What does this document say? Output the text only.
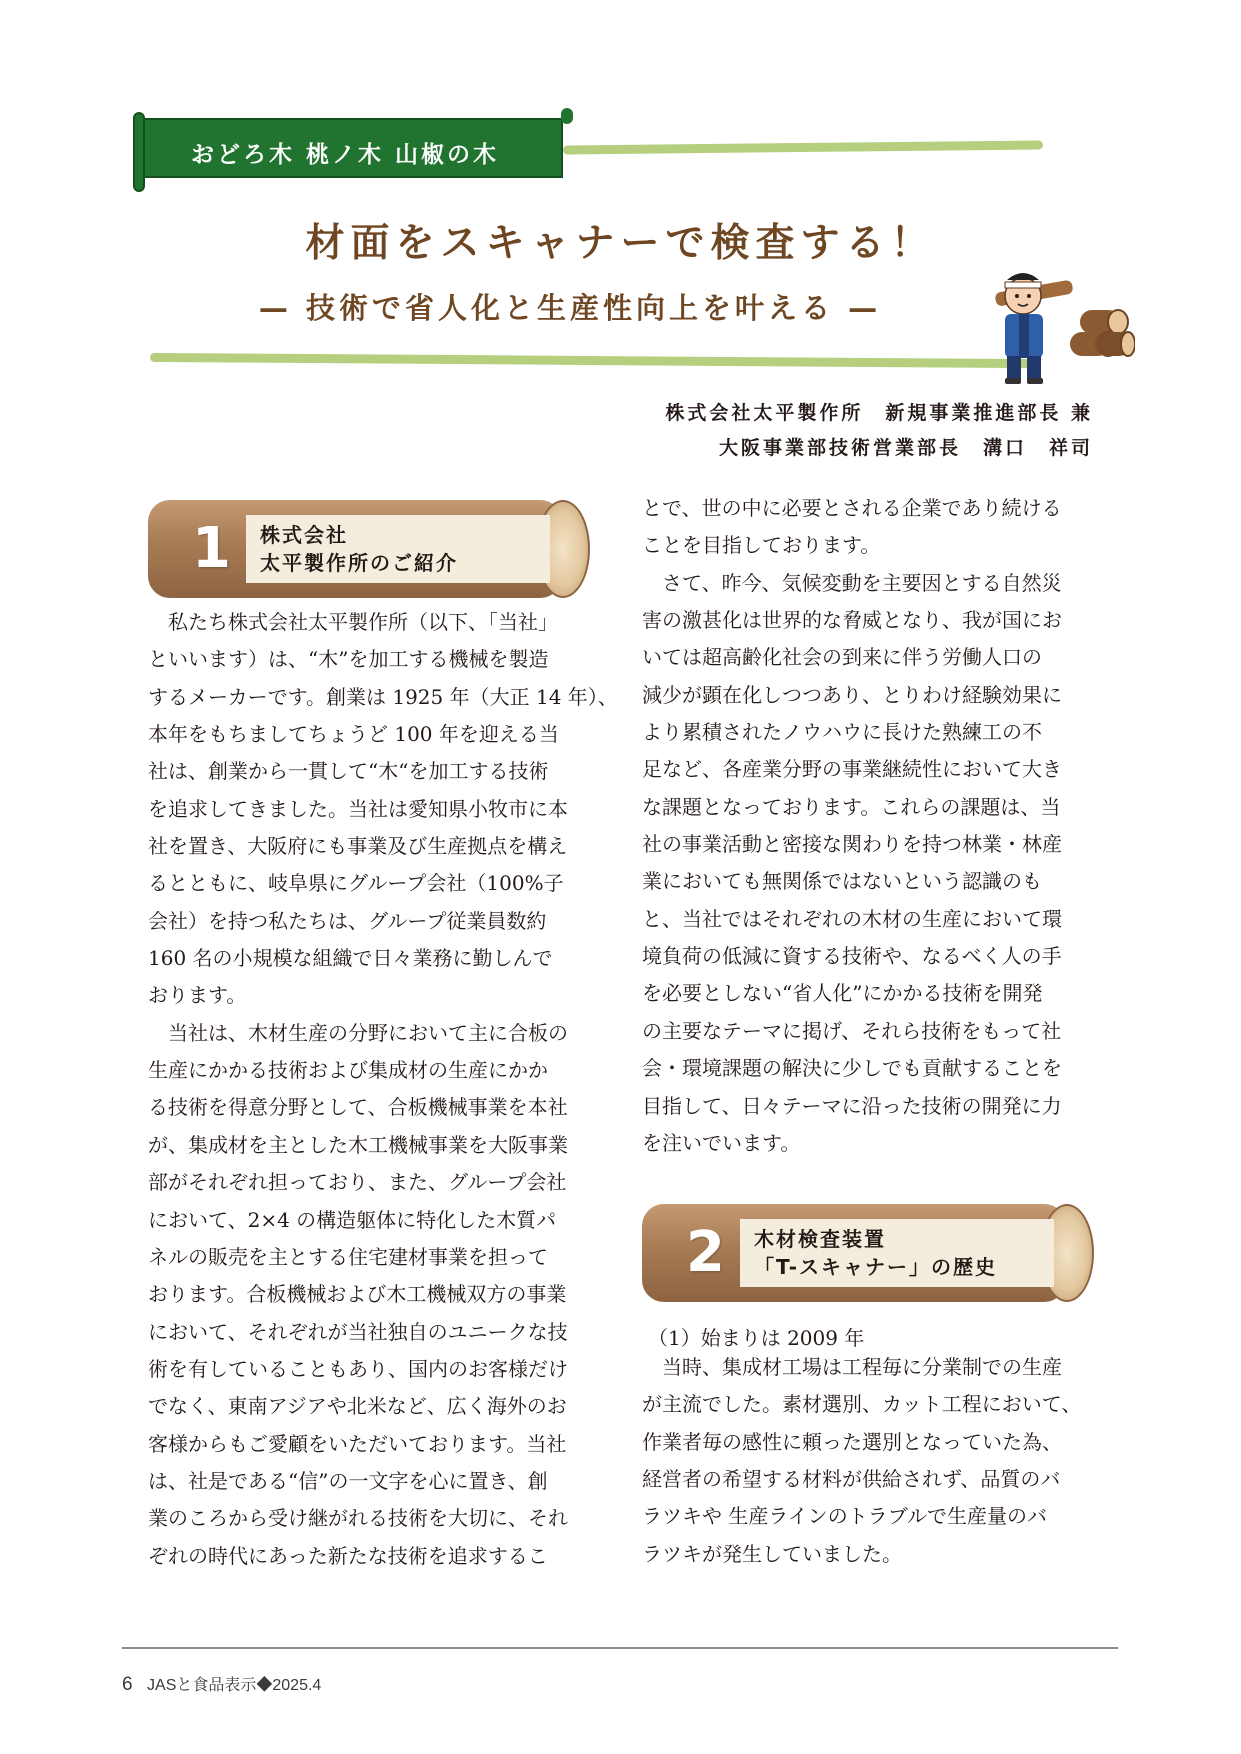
おどろ木 桃ノ木 山椒の木
材面をスキャナーで検査する！
— 技術で省人化と生産性向上を叶える —
株式会社太平製作所　新規事業推進部長 兼
大阪事業部技術営業部長　溝口　祥司
1 株式会社
太平製作所のご紹介
　私たち株式会社太平製作所（以下、「当社」
といいます）は、“木”を加工する機械を製造
するメーカーです。創業は 1925 年（大正 14 年）、
本年をもちましてちょうど 100 年を迎える当
社は、創業から一貫して“木“を加工する技術
を追求してきました。当社は愛知県小牧市に本
社を置き、大阪府にも事業及び生産拠点を構え
るとともに、岐阜県にグループ会社（100%子
会社）を持つ私たちは、グループ従業員数約
160 名の小規模な組織で日々業務に勤しんで
おります。
　当社は、木材生産の分野において主に合板の
生産にかかる技術および集成材の生産にかか
る技術を得意分野として、合板機械事業を本社
が、集成材を主とした木工機械事業を大阪事業
部がそれぞれ担っており、また、グループ会社
において、2×4 の構造躯体に特化した木質パ
ネルの販売を主とする住宅建材事業を担って
おります。合板機械および木工機械双方の事業
において、それぞれが当社独自のユニークな技
術を有していることもあり、国内のお客様だけ
でなく、東南アジアや北米など、広く海外のお
客様からもご愛顧をいただいております。当社
は、社是である“信”の一文字を心に置き、創
業のころから受け継がれる技術を大切に、それ
ぞれの時代にあった新たな技術を追求するこ
とで、世の中に必要とされる企業であり続ける
ことを目指しております。
　さて、昨今、気候変動を主要因とする自然災
害の激甚化は世界的な脅威となり、我が国にお
いては超高齢化社会の到来に伴う労働人口の
減少が顕在化しつつあり、とりわけ経験効果に
より累積されたノウハウに長けた熟練工の不
足など、各産業分野の事業継続性において大き
な課題となっております。これらの課題は、当
社の事業活動と密接な関わりを持つ林業・林産
業においても無関係ではないという認識のも
と、当社ではそれぞれの木材の生産において環
境負荷の低減に資する技術や、なるべく人の手
を必要としない“省人化”にかかる技術を開発
の主要なテーマに掲げ、それら技術をもって社
会・環境課題の解決に少しでも貢献することを
目指して、日々テーマに沿った技術の開発に力
を注いでいます。
2 木材検査装置
「T-スキャナー」の歴史
（1）始まりは 2009 年
　当時、集成材工場は工程毎に分業制での生産
が主流でした。素材選別、カット工程において、
作業者毎の感性に頼った選別となっていた為、
経営者の希望する材料が供給されず、品質のバ
ラツキや 生産ラインのトラブルで生産量のバ
ラツキが発生していました。
6 JASと食品表示◆2025.4
